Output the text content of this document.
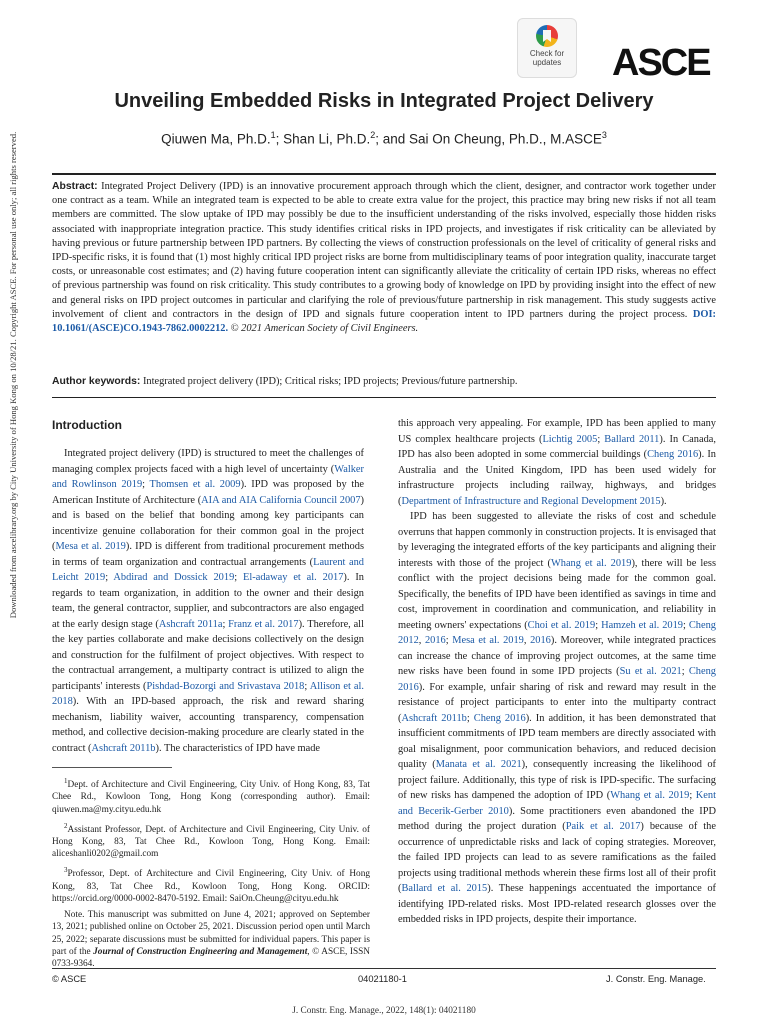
Downloaded from ascelibrary.org by City University of Hong Kong on 10/28/21. Copyright ASCE. For personal use only; all rights reserved.
Check for
updates	ASCE
Unveiling Embedded Risks in Integrated Project Delivery
Qiuwen Ma, Ph.D.$^1$; Shan Li, Ph.D.$^2$; and Sai On Cheung, Ph.D., M.ASCE$^3$
Abstract: Integrated Project Delivery (IPD) is an innovative procurement approach through which the client, designer, and contractor work together under one contract as a team. While an integrated team is expected to be able to create extra value for the project, this practice may bring new risks if not all team members are committed. The slow uptake of IPD may possibly be due to the insufficient understanding of the risks involved, especially those hidden risks associated with inappropriate integration practice. This study identifies critical risks in IPD projects, and investigates if risk criticality can be alleviated by having previous or future partnership between IPD partners. By collecting the views of construction professionals on the level of criticality of general risks and IPD-specific risks, it is found that (1) most highly critical IPD project risks are borne from multidisciplinary teams of poor integration quality, inaccurate target costs, or unreasonable cost estimates; and (2) having future cooperation intent can significantly alleviate the criticality of certain IPD risks, whereas no effect of previous partnership was found on risk criticality. This study contributes to a growing body of knowledge on IPD by providing insight into the effect of new and general risks on IPD project outcomes in particular and clarifying the role of previous/future partnership in risk management. This study suggests active involvement of client and contractors in the design of IPD and signals future cooperation intent to IPD partners during the project process. DOI: 10.1061/(ASCE)CO.1943-7862.0002212. © 2021 American Society of Civil Engineers.
Author keywords: Integrated project delivery (IPD); Critical risks; IPD projects; Previous/future partnership.
Introduction

Integrated project delivery (IPD) is structured to meet the challenges of managing complex projects faced with a high level of uncertainty (Walker and Rowlinson 2019; Thomsen et al. 2009). IPD was proposed by the American Institute of Architecture (AIA and AIA California Council 2007) and is based on the belief that bonding among key participants can incentivize genuine collaboration for their common goal in the project (Mesa et al. 2019). IPD is different from traditional procurement methods in terms of team organization and contractual arrangements (Laurent and Leicht 2019; Abdirad and Dossick 2019; El-adaway et al. 2017). In regards to team organization, in addition to the owner and their design team, the general contractor, supplier, and subcontractors are also engaged at the early design stage (Ashcraft 2011a; Franz et al. 2017). Therefore, all the key parties collaborate and make decisions collectively on the design and construction for the fulfilment of project objectives. With respect to the contractual arrangement, a multiparty contract is utilized to align the participants' interests (Pishdad-Bozorgi and Srivastava 2018; Allison et al. 2018). With an IPD-based approach, the risk and reward sharing mechanism, liability waiver, accounting transparency, compensation method, and collective decision-making procedure are clearly stated in the contract (Ashcraft 2011b). The characteristics of IPD have made

this approach very appealing. For example, IPD has been applied to many US complex healthcare projects (Lichtig 2005; Ballard 2011). In Canada, IPD has also been adopted in some commercial buildings (Cheng 2016). In Australia and the United Kingdom, IPD has been used widely for infrastructure projects including railway, highways, and bridges (Department of Infrastructure and Regional Development 2015).

IPD has been suggested to alleviate the risks of cost and schedule overruns that happen commonly in construction projects. It is envisaged that by leveraging the integrated efforts of the key participants and aligning their interests with those of the project (Whang et al. 2019), there will be less conflict with the project decisions being made for the common goal. Specifically, the benefits of IPD have been identified as savings in time and cost, improvement in coordination and communication, and reliability in meeting owners' expectations (Choi et al. 2019; Hamzeh et al. 2019; Cheng 2012, 2016; Mesa et al. 2019, 2016). Moreover, while integrated practices can increase the chance of improving project outcomes, at the same time new risks have been found in some IPD projects (Su et al. 2021; Cheng 2016). For example, unfair sharing of risk and reward may result in the resistance of project participants to enter into the multiparty contract (Ashcraft 2011b; Cheng 2016). In addition, it has been demonstrated that insufficient commitments of IPD team members are directly associated with goal misalignment, poor communication behaviors, and reduced decision quality (Manata et al. 2021), consequently increasing the likelihood of project failure. Additionally, this type of risk is IPD-specific. The surfacing of new risks has dampened the adoption of IPD (Whang et al. 2019; Kent and Becerik-Gerber 2010). Some practitioners even abandoned the IPD method during the project duration (Paik et al. 2017) because of the occurrence of unpredictable risks and lack of coping strategies. Moreover, the failed IPD projects can lead to as severe ramifications as the failed projects using traditional methods wherein these firms lost all of their profit (Ballard et al. 2015). These happenings accentuated the importance of identifying IPD-related risks. Most IPD-related research glosses over the embedded risks in IPD projects, despite their importance.

$^1$Dept. of Architecture and Civil Engineering, City Univ. of Hong Kong, 83, Tat Chee Rd., Kowloon Tong, Hong Kong (corresponding author). Email: qiuwen.ma@my.cityu.edu.hk

$^2$Assistant Professor, Dept. of Architecture and Civil Engineering, City Univ. of Hong Kong, 83, Tat Chee Rd., Kowloon Tong, Hong Kong. Email: aliceshanli0202@gmail.com

$^3$Professor, Dept. of Architecture and Civil Engineering, City Univ. of Hong Kong, 83, Tat Chee Rd., Kowloon Tong, Hong Kong. ORCID: https://orcid.org/0000-0002-8470-5192. Email: SaiOn.Cheung@cityu.edu.hk

Note. This manuscript was submitted on June 4, 2021; approved on September 13, 2021; published online on October 25, 2021. Discussion period open until March 25, 2022; separate discussions must be submitted for individual papers. This paper is part of the Journal of Construction Engineering and Management, © ASCE, ISSN 0733-9364.

© ASCE	04021180-1	J. Constr. Eng. Manage.
J. Constr. Eng. Manage., 2022, 148(1): 04021180
